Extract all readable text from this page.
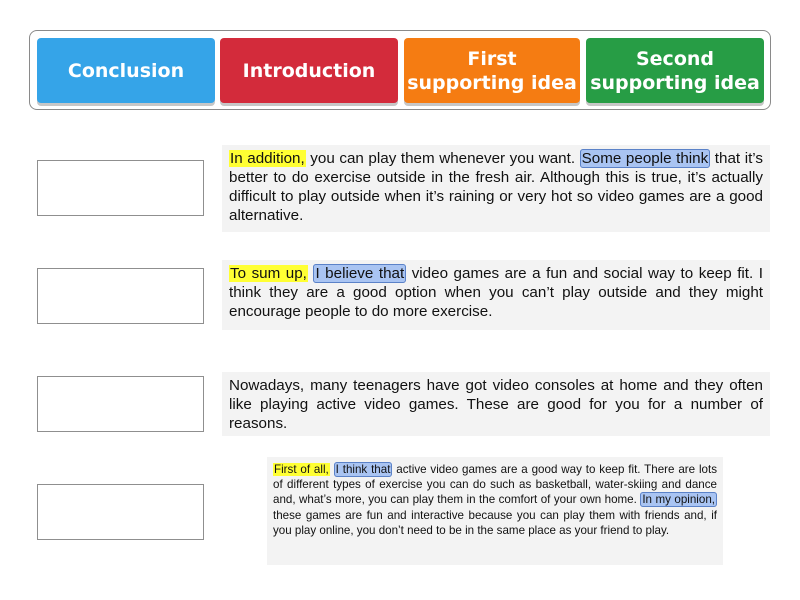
Conclusion	Introduction
First
supporting idea
Second
supporting idea
In addition, you can play them whenever you want. Some people think that it’s better to do exercise outside in the fresh air. Although this is true, it’s actually difficult to play outside when it’s raining or very hot so video games are a good alternative.
To sum up, I believe that video games are a fun and social way to keep fit. I think they are a good option when you can’t play outside and they might encourage people to do more exercise.
Nowadays, many teenagers have got video consoles at home and they often like playing active video games. These are good for you for a number of reasons.
First of all, I think that active video games are a good way to keep fit. There are lots of different types of exercise you can do such as basketball, water-skiing and dance and, what’s more, you can play them in the comfort of your own home. In my opinion, these games are fun and interactive because you can play them with friends and, if you play online, you don’t need to be in the same place as your friend to play.
